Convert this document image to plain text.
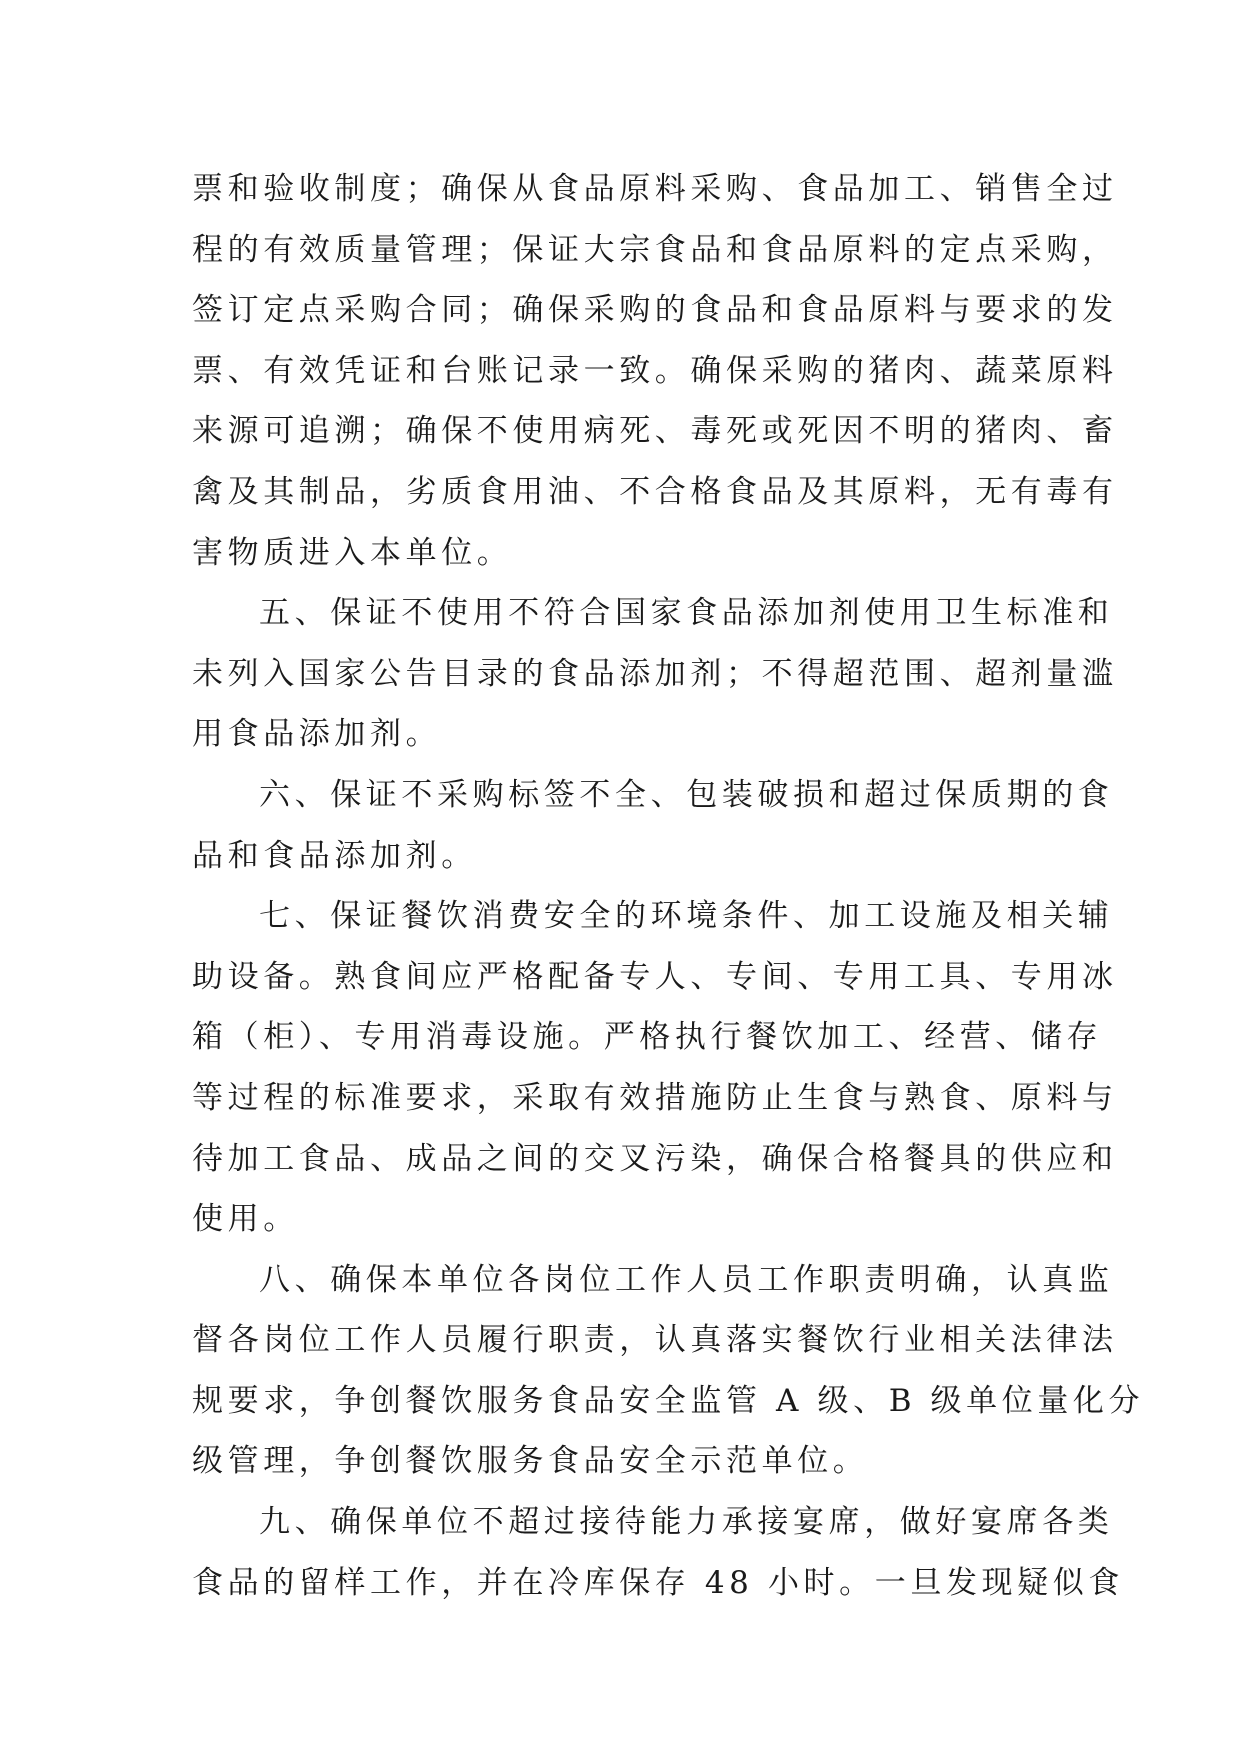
票和验收制度；确保从食品原料采购、食品加工、销售全过
程的有效质量管理；保证大宗食品和食品原料的定点采购，
签订定点采购合同；确保采购的食品和食品原料与要求的发
票、有效凭证和台账记录一致。确保采购的猪肉、蔬菜原料
来源可追溯；确保不使用病死、毒死或死因不明的猪肉、畜
禽及其制品，劣质食用油、不合格食品及其原料，无有毒有
害物质进入本单位。
五、保证不使用不符合国家食品添加剂使用卫生标准和
未列入国家公告目录的食品添加剂；不得超范围、超剂量滥
用食品添加剂。
六、保证不采购标签不全、包装破损和超过保质期的食
品和食品添加剂。
七、保证餐饮消费安全的环境条件、加工设施及相关辅
助设备。熟食间应严格配备专人、专间、专用工具、专用冰
箱（柜）、专用消毒设施。严格执行餐饮加工、经营、储存
等过程的标准要求，采取有效措施防止生食与熟食、原料与
待加工食品、成品之间的交叉污染，确保合格餐具的供应和
使用。
八、确保本单位各岗位工作人员工作职责明确，认真监
督各岗位工作人员履行职责，认真落实餐饮行业相关法律法
规要求，争创餐饮服务食品安全监管 A 级、B 级单位量化分
级管理，争创餐饮服务食品安全示范单位。
九、确保单位不超过接待能力承接宴席，做好宴席各类
食品的留样工作，并在冷库保存 48 小时。一旦发现疑似食
